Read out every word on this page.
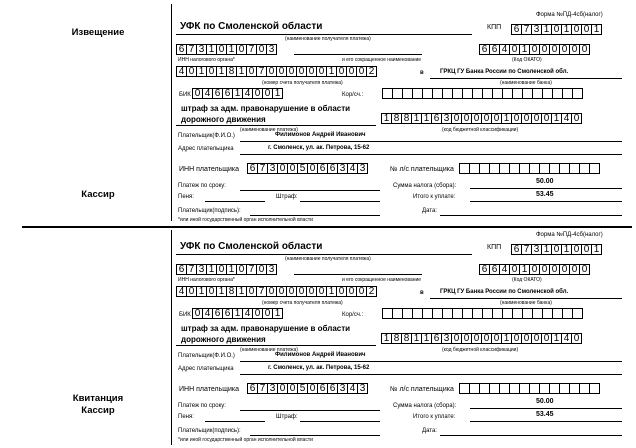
Извещение
Кассир
Квитанция
Кассир
Форма №ПД-4сб(налог)
УФК по Смоленской области
(наименование получателя платежа)
КПП 6 7 3 1 0 1 0 0 1
6 7 3 1 0 1 0 7 0 3	6 6 4 0 1 0 0 0 0 0 0
ИНН налогового органа*	и его сокращенное наименование	(Код ОКАТО)
4 0 1 0 1 8 1 0 7 0 0 0 0 0 0 1 0 0 0 2	в	ГРКЦ ГУ Банка России по Смоленской обл.
(номер счета получателя платежа)	(наименование банка)
БИК 0 4 6 6 1 4 0 0 1	Кор/сч.:
штраф за адм. правонарушение в области
дорожного движения	1 8 8 1 1 6 3 0 0 0 0 0 1 0 0 0 0 1 4 0
(наименование платежа)	(код бюджетной классификации)
Плательщик(Ф.И.О.)	Филимонов Андрей Иванович
Адрес плательщика	г. Смоленск, ул. ак. Петрова, 15-62
ИНН плательщика 6 7 3 0 0 5 0 6 6 3 4 3	№ л/с плательщика
Платеж по сроку:	Сумма налога (сбора):
50.00
Пеня:	Штраф:	Итого к уплате:	53.45
Плательщик(подпись):	Дата:
*или иной государственный орган исполнительной власти
Форма №ПД-4сб(налог)
УФК по Смоленской области
(наименование получателя платежа)
КПП 6 7 3 1 0 1 0 0 1
6 7 3 1 0 1 0 7 0 3	6 6 4 0 1 0 0 0 0 0 0
ИНН налогового органа*	и его сокращенное наименование	(Код ОКАТО)
4 0 1 0 1 8 1 0 7 0 0 0 0 0 0 1 0 0 0 2	в	ГРКЦ ГУ Банка России по Смоленской обл.
(номер счета получателя платежа)	(наименование банка)
БИК 0 4 6 6 1 4 0 0 1	Кор/сч.:
штраф за адм. правонарушение в области
дорожного движения	1 8 8 1 1 6 3 0 0 0 0 0 1 0 0 0 0 1 4 0
(наименование платежа)	(код бюджетной классификации)
Плательщик(Ф.И.О.)	Филимонов Андрей Иванович
Адрес плательщика	г. Смоленск, ул. ак. Петрова, 15-62
ИНН плательщика 6 7 3 0 0 5 0 6 6 3 4 3	№ л/с плательщика
Платеж по сроку:	Сумма налога (сбора):
50.00
Пеня:	Штраф:	Итого к уплате:	53.45
Плательщик(подпись):	Дата:
*или иной государственный орган исполнительной власти
